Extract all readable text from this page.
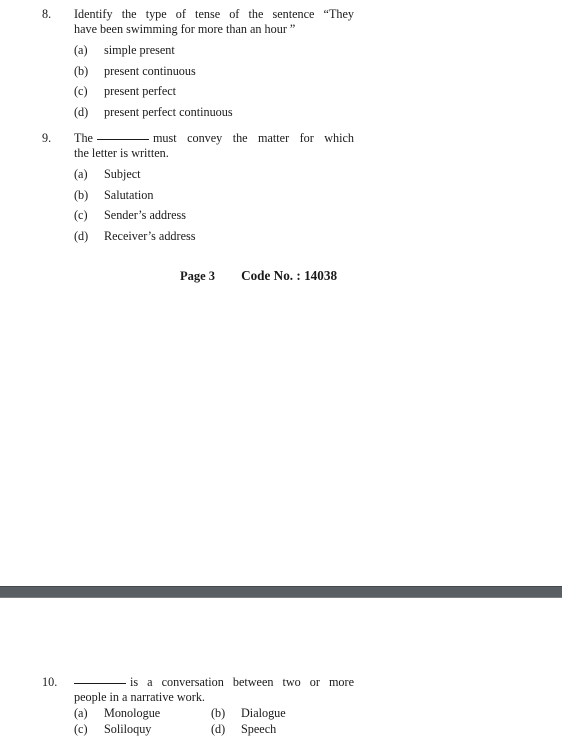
8. Identify the type of tense of the sentence “They
have been swimming for more than an hour ”
(a) simple present
(b) present continuous
(c) present perfect
(d) present perfect continuous
9. The	must convey the matter for which
the letter is written.
(a) Subject
(b) Salutation
(c) Sender’s address
(d) Receiver’s address
Page 3 Code No. : 14038
10.	is a conversation between two or more
people in a narrative work.
(a) Monologue	(b) Dialogue
(c) Soliloquy	(d) Speech
